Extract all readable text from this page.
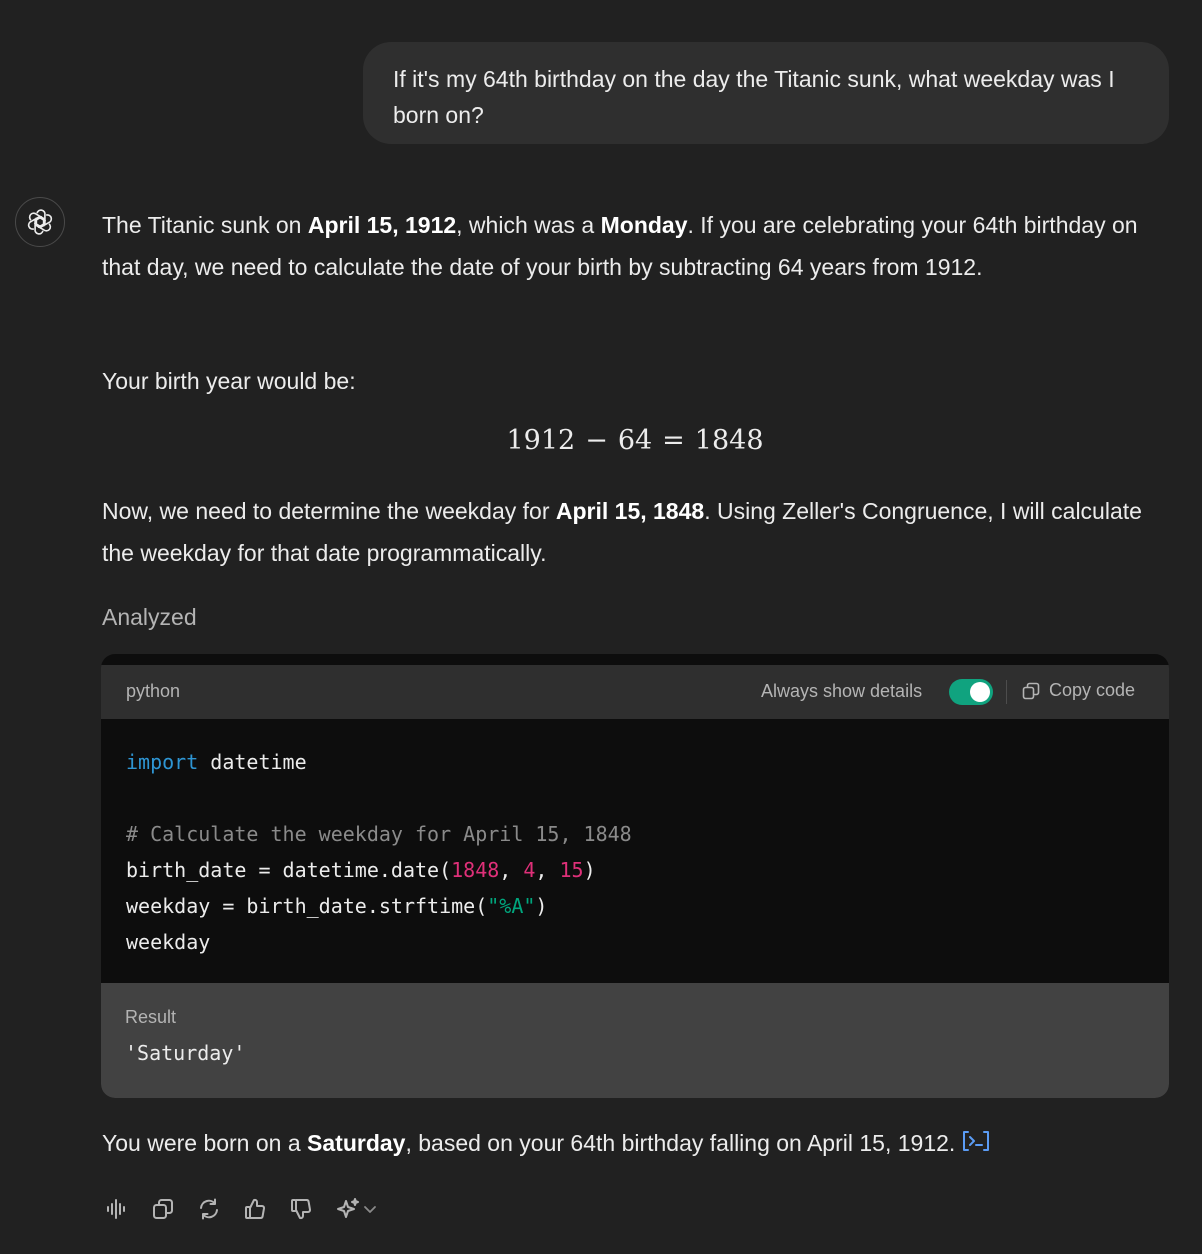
If it's my 64th birthday on the day the Titanic sunk, what weekday was I born on?
The Titanic sunk on April 15, 1912, which was a Monday. If you are celebrating your 64th birthday on that day, we need to calculate the date of your birth by subtracting 64 years from 1912.
Your birth year would be:
1912 − 64 = 1848
Now, we need to determine the weekday for April 15, 1848. Using Zeller's Congruence, I will calculate the weekday for that date programmatically.
Analyzed
python	Always show details	Copy code
import datetime

# Calculate the weekday for April 15, 1848
birth_date = datetime.date(1848, 4, 15)
weekday = birth_date.strftime("%A")
weekday
Result
'Saturday'
You were born on a Saturday, based on your 64th birthday falling on April 15, 1912.
